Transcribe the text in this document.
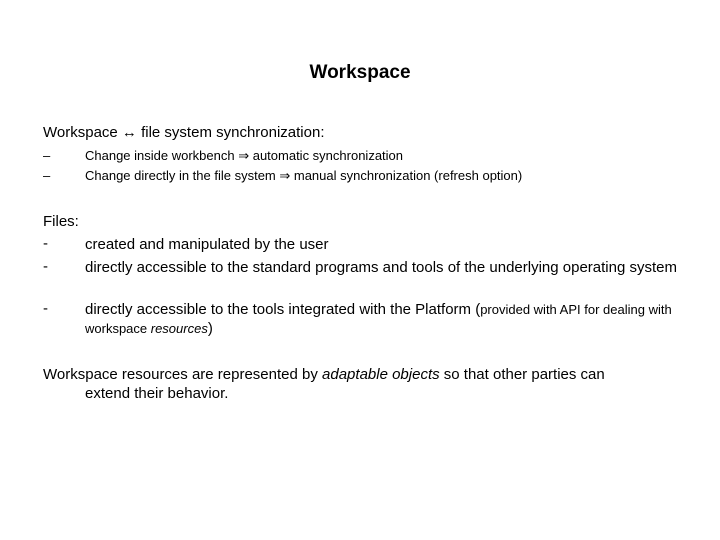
Workspace
Workspace ↔ file system synchronization:
–	Change inside workbench ⇒ automatic synchronization
–	Change directly in the file system ⇒ manual synchronization (refresh option)
Files:
- created and manipulated by the user
- directly accessible to the standard programs and tools of the underlying operating system
- directly accessible to the tools integrated with the Platform (provided with API for dealing with workspace resources)
Workspace resources are represented by adaptable objects so that other parties can
extend their behavior.
